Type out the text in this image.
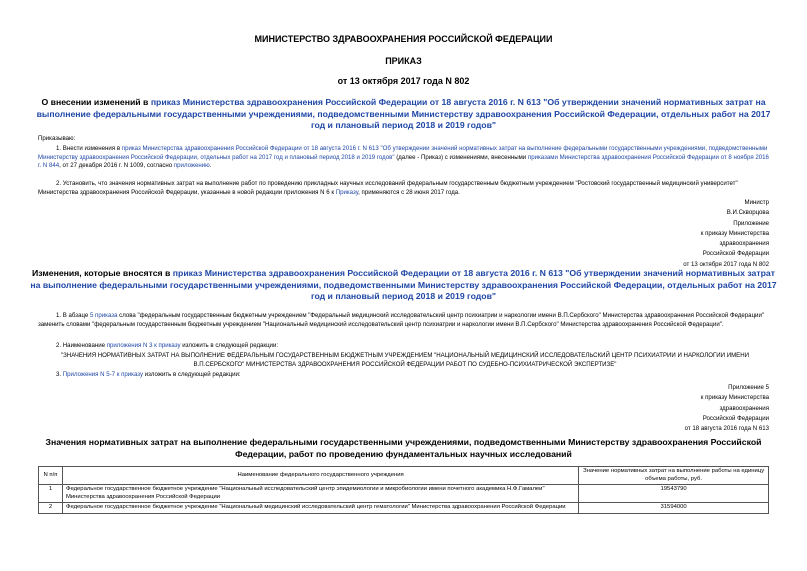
МИНИСТЕРСТВО ЗДРАВООХРАНЕНИЯ РОССИЙСКОЙ ФЕДЕРАЦИИ
ПРИКАЗ
от 13 октября 2017 года N 802
О внесении изменений в приказ Министерства здравоохранения Российской Федерации от 18 августа 2016 г. N 613 "Об утверждении значений нормативных затрат на выполнение федеральными государственными учреждениями, подведомственными Министерству здравоохранения Российской Федерации, отдельных работ на 2017 год и плановый период 2018 и 2019 годов"
Приказываю:
1. Внести изменения в приказ Министерства здравоохранения Российской Федерации от 18 августа 2016 г. N 613 "Об утверждении значений нормативных затрат на выполнение федеральными государственными учреждениями, подведомственными Министерству здравоохранения Российской Федерации, отдельных работ на 2017 год и плановый период 2018 и 2019 годов" (далее - Приказ) с изменениями, внесенными приказами Министерства здравоохранения Российской Федерации от 8 ноября 2016 г. N 844, от 27 декабря 2016 г. N 1009, согласно приложению.
2. Установить, что значения нормативных затрат на выполнение работ по проведению прикладных научных исследований федеральным государственным бюджетным учреждением "Ростовский государственный медицинский университет" Министерства здравоохранения Российской Федерации, указанные в новой редакции приложения N 6 к Приказу, применяются с 28 июня 2017 года.
Министр
В.И.Скворцова
Приложение
к приказу Министерства
здравоохранения
Российской Федерации
от 13 октября 2017 года N 802
Изменения, которые вносятся в приказ Министерства здравоохранения Российской Федерации от 18 августа 2016 г. N 613 "Об утверждении значений нормативных затрат на выполнение федеральными государственными учреждениями, подведомственными Министерству здравоохранения Российской Федерации, отдельных работ на 2017 год и плановый период 2018 и 2019 годов"
1. В абзаце 5 приказа слова "федеральным государственным бюджетным учреждением "Федеральный медицинский исследовательский центр психиатрии и наркологии имени В.П.Сербского" Министерства здравоохранения Российской Федерации" заменить словами "федеральным государственным бюджетным учреждением "Национальный медицинский исследовательский центр психиатрии и наркологии имени В.П.Сербского" Министерства здравоохранения Российской Федерации".
2. Наименование приложения N 3 к приказу изложить в следующей редакции:
"ЗНАЧЕНИЯ НОРМАТИВНЫХ ЗАТРАТ НА ВЫПОЛНЕНИЕ ФЕДЕРАЛЬНЫМ ГОСУДАРСТВЕННЫМ БЮДЖЕТНЫМ УЧРЕЖДЕНИЕМ "НАЦИОНАЛЬНЫЙ МЕДИЦИНСКИЙ ИССЛЕДОВАТЕЛЬСКИЙ ЦЕНТР ПСИХИАТРИИ И НАРКОЛОГИИ ИМЕНИ В.П.СЕРБСКОГО" МИНИСТЕРСТВА ЗДРАВООХРАНЕНИЯ РОССИЙСКОЙ ФЕДЕРАЦИИ РАБОТ ПО СУДЕБНО-ПСИХИАТРИЧЕСКОЙ ЭКСПЕРТИЗЕ"
3. Приложения N 5-7 к приказу изложить в следующей редакции:
Приложение 5
к приказу Министерства
здравоохранения
Российской Федерации
от 18 августа 2016 года N 613
Значения нормативных затрат на выполнение федеральными государственными учреждениями, подведомственными Министерству здравоохранения Российской Федерации, работ по проведению фундаментальных научных исследований
N п/п	Наименование федерального государственного учреждения	Значение нормативных затрат на выполнение работы на единицу объема работы, руб.
1	Федеральное государственное бюджетное учреждение "Национальный исследовательский центр эпидемиологии и микробиологии имени почетного академика Н.Ф.Гамалеи" Министерства здравоохранения Российской Федерации	19543790
2	Федеральное государственное бюджетное учреждение "Национальный медицинский исследовательский центр гематологии" Министерства здравоохранения Российской Федерации	31594000
